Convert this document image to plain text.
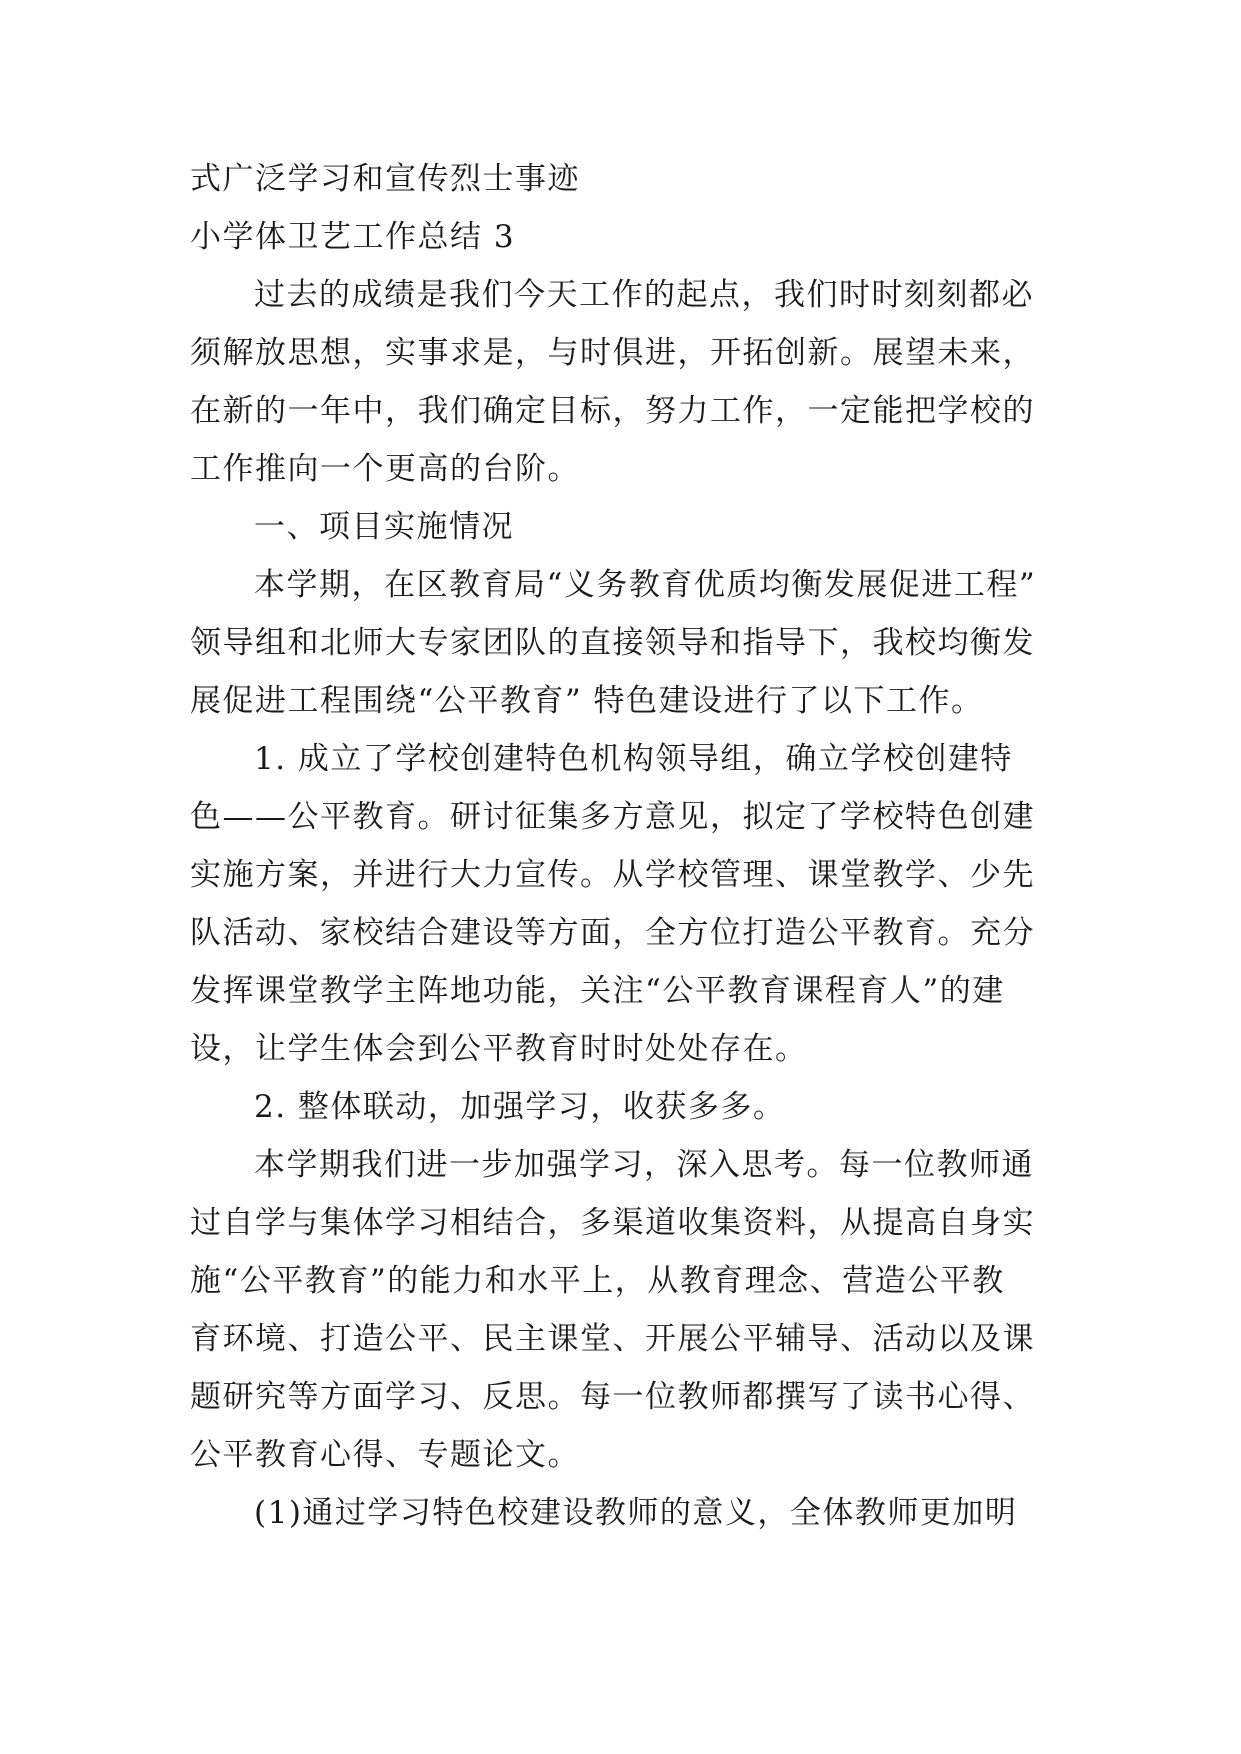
式广泛学习和宣传烈士事迹

小学体卫艺工作总结 3

过去的成绩是我们今天工作的起点，我们时时刻刻都必

须解放思想，实事求是，与时俱进，开拓创新。展望未来，

在新的一年中，我们确定目标，努力工作，一定能把学校的

工作推向一个更高的台阶。

一、项目实施情况

本学期，在区教育局“义务教育优质均衡发展促进工程”

领导组和北师大专家团队的直接领导和指导下，我校均衡发

展促进工程围绕“公平教育” 特色建设进行了以下工作。

1. 成立了学校创建特色机构领导组，确立学校创建特

色——公平教育。研讨征集多方意见，拟定了学校特色创建

实施方案，并进行大力宣传。从学校管理、课堂教学、少先

队活动、家校结合建设等方面，全方位打造公平教育。充分

发挥课堂教学主阵地功能，关注“公平教育课程育人”的建

设，让学生体会到公平教育时时处处存在。

2. 整体联动，加强学习，收获多多。

本学期我们进一步加强学习，深入思考。每一位教师通

过自学与集体学习相结合，多渠道收集资料，从提高自身实

施“公平教育”的能力和水平上，从教育理念、营造公平教

育环境、打造公平、民主课堂、开展公平辅导、活动以及课

题研究等方面学习、反思。每一位教师都撰写了读书心得、

公平教育心得、专题论文。

(1)通过学习特色校建设教师的意义，全体教师更加明
